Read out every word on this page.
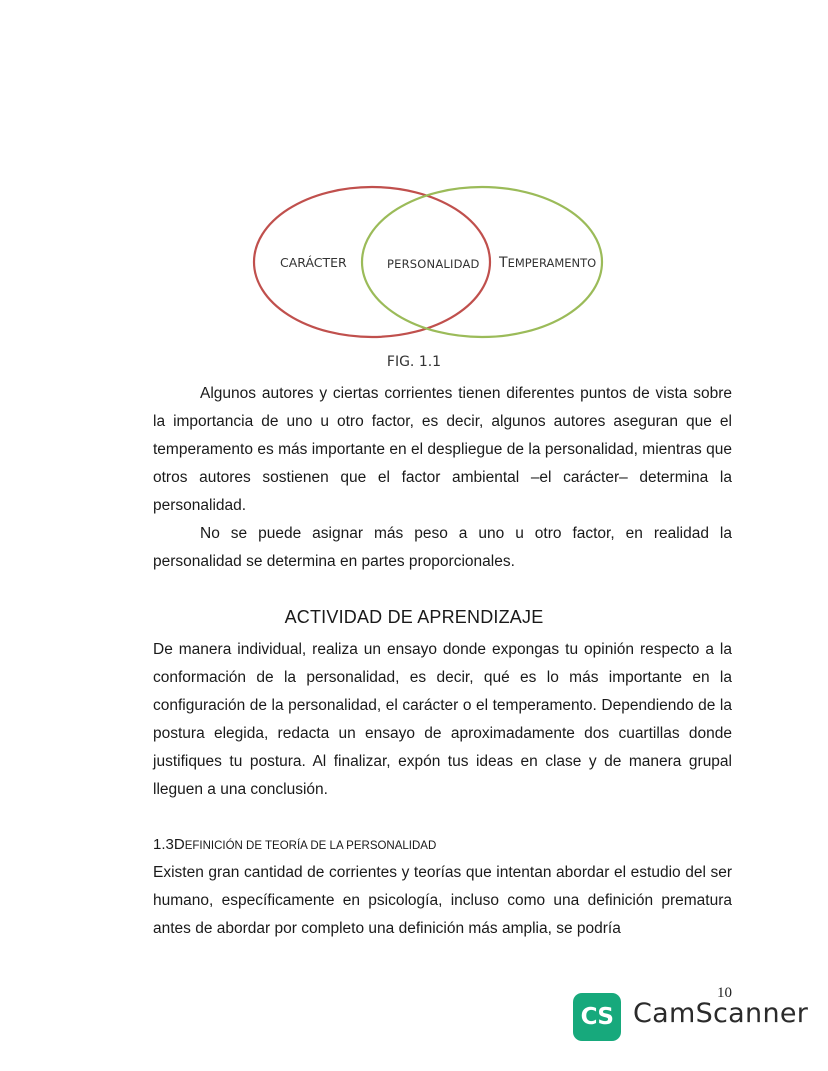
CARÁCTER	PERSONALIDAD TEMPERAMENTO
FIG. 1.1

Algunos autores y ciertas corrientes tienen diferentes puntos de vista sobre la importancia de uno u otro factor, es decir, algunos autores aseguran que el temperamento es más importante en el despliegue de la personalidad, mientras que otros autores sostienen que el factor ambiental –el carácter– determina la personalidad.

No se puede asignar más peso a uno u otro factor, en realidad la personalidad se determina en partes proporcionales.

ACTIVIDAD DE APRENDIZAJE

De manera individual, realiza un ensayo donde expongas tu opinión respecto a la conformación de la personalidad, es decir, qué es lo más importante en la configuración de la personalidad, el carácter o el temperamento. Dependiendo de la postura elegida, redacta un ensayo de aproximadamente dos cuartillas donde justifiques tu postura. Al finalizar, expón tus ideas en clase y de manera grupal lleguen a una conclusión.

1.3DEFINICIÓN DE TEORÍA DE LA PERSONALIDAD

Existen gran cantidad de corrientes y teorías que intentan abordar el estudio del ser humano, específicamente en psicología, incluso como una definición prematura antes de abordar por completo una definición más amplia, se podría

10
CS CamScanner
